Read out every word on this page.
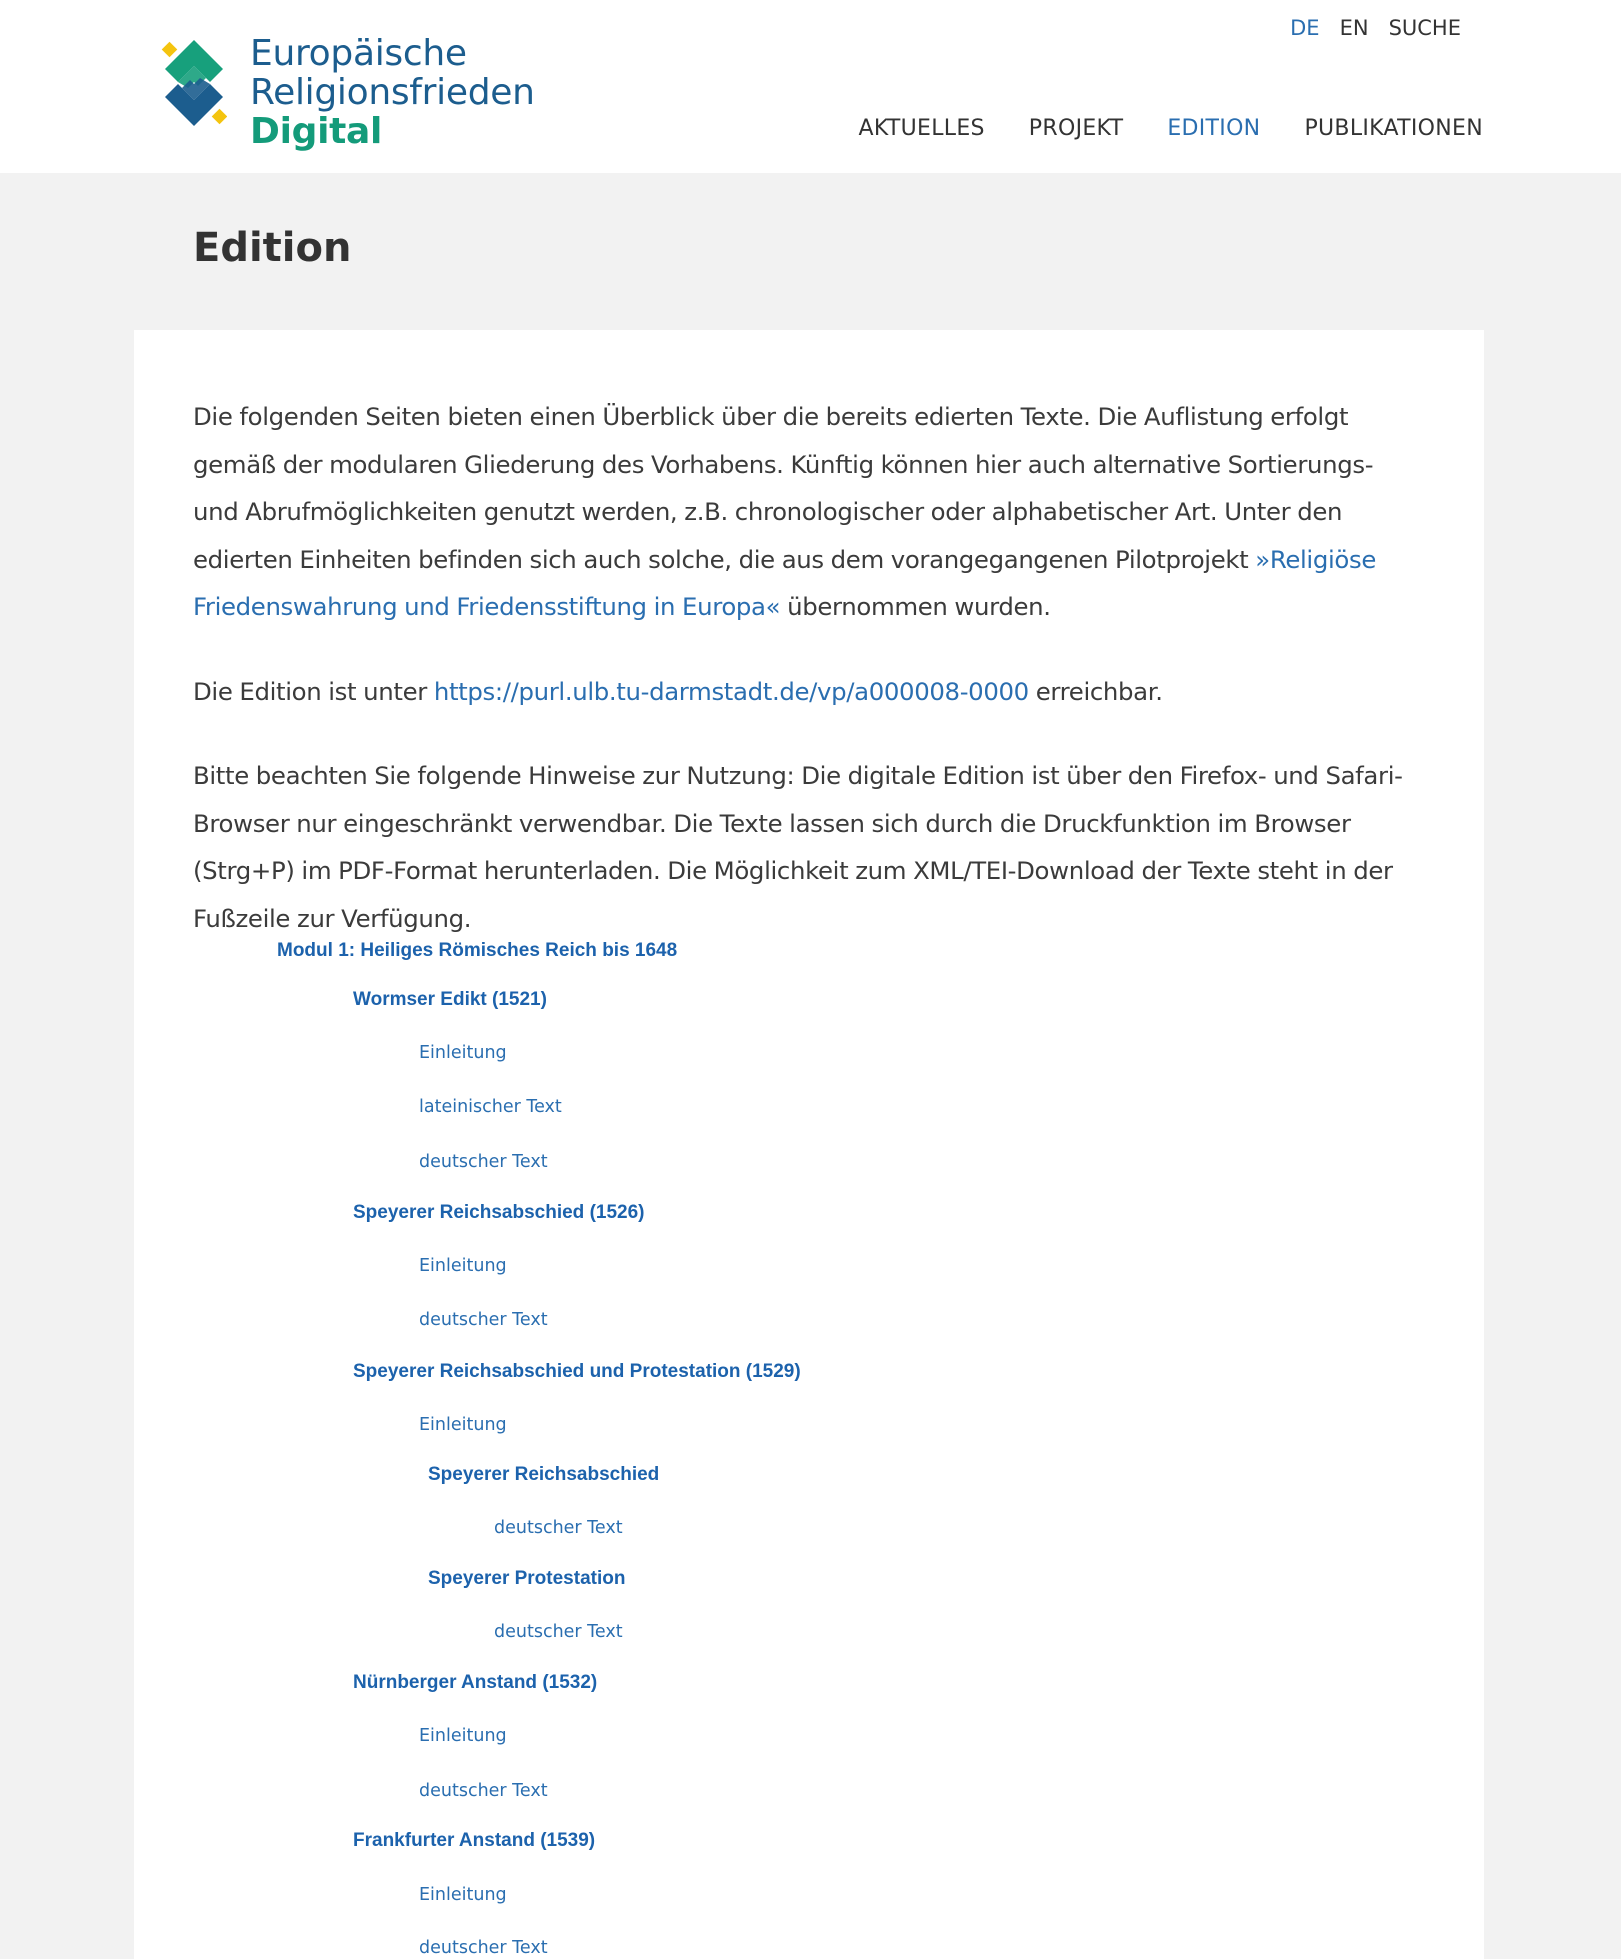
Europäische
Religionsfrieden
Digital
DE EN SUCHE
AKTUELLES PROJEKT EDITION PUBLIKATIONEN
Edition

Die folgenden Seiten bieten einen Überblick über die bereits edierten Texte. Die Auflistung erfolgt gemäß der modularen Gliederung des Vorhabens. Künftig können hier auch alternative Sortierungs- und Abrufmöglichkeiten genutzt werden, z.B. chronologischer oder alphabetischer Art. Unter den edierten Einheiten befinden sich auch solche, die aus dem vorangegangenen Pilotprojekt »Religiöse Friedenswahrung und Friedensstiftung in Europa« übernommen wurden.

Die Edition ist unter https://purl.ulb.tu-darmstadt.de/vp/a000008-0000 erreichbar.

Bitte beachten Sie folgende Hinweise zur Nutzung: Die digitale Edition ist über den Firefox- und Safari-Browser nur eingeschränkt verwendbar. Die Texte lassen sich durch die Druckfunktion im Browser (Strg+P) im PDF-Format herunterladen. Die Möglichkeit zum XML/TEI-Download der Texte steht in der Fußzeile zur Verfügung.

Modul 1: Heiliges Römisches Reich bis 1648
Wormser Edikt (1521)
Einleitung
lateinischer Text
deutscher Text
Speyerer Reichsabschied (1526)
Einleitung
deutscher Text
Speyerer Reichsabschied und Protestation (1529)
Einleitung
Speyerer Reichsabschied
deutscher Text
Speyerer Protestation
deutscher Text
Nürnberger Anstand (1532)
Einleitung
deutscher Text
Frankfurter Anstand (1539)
Einleitung
deutscher Text
